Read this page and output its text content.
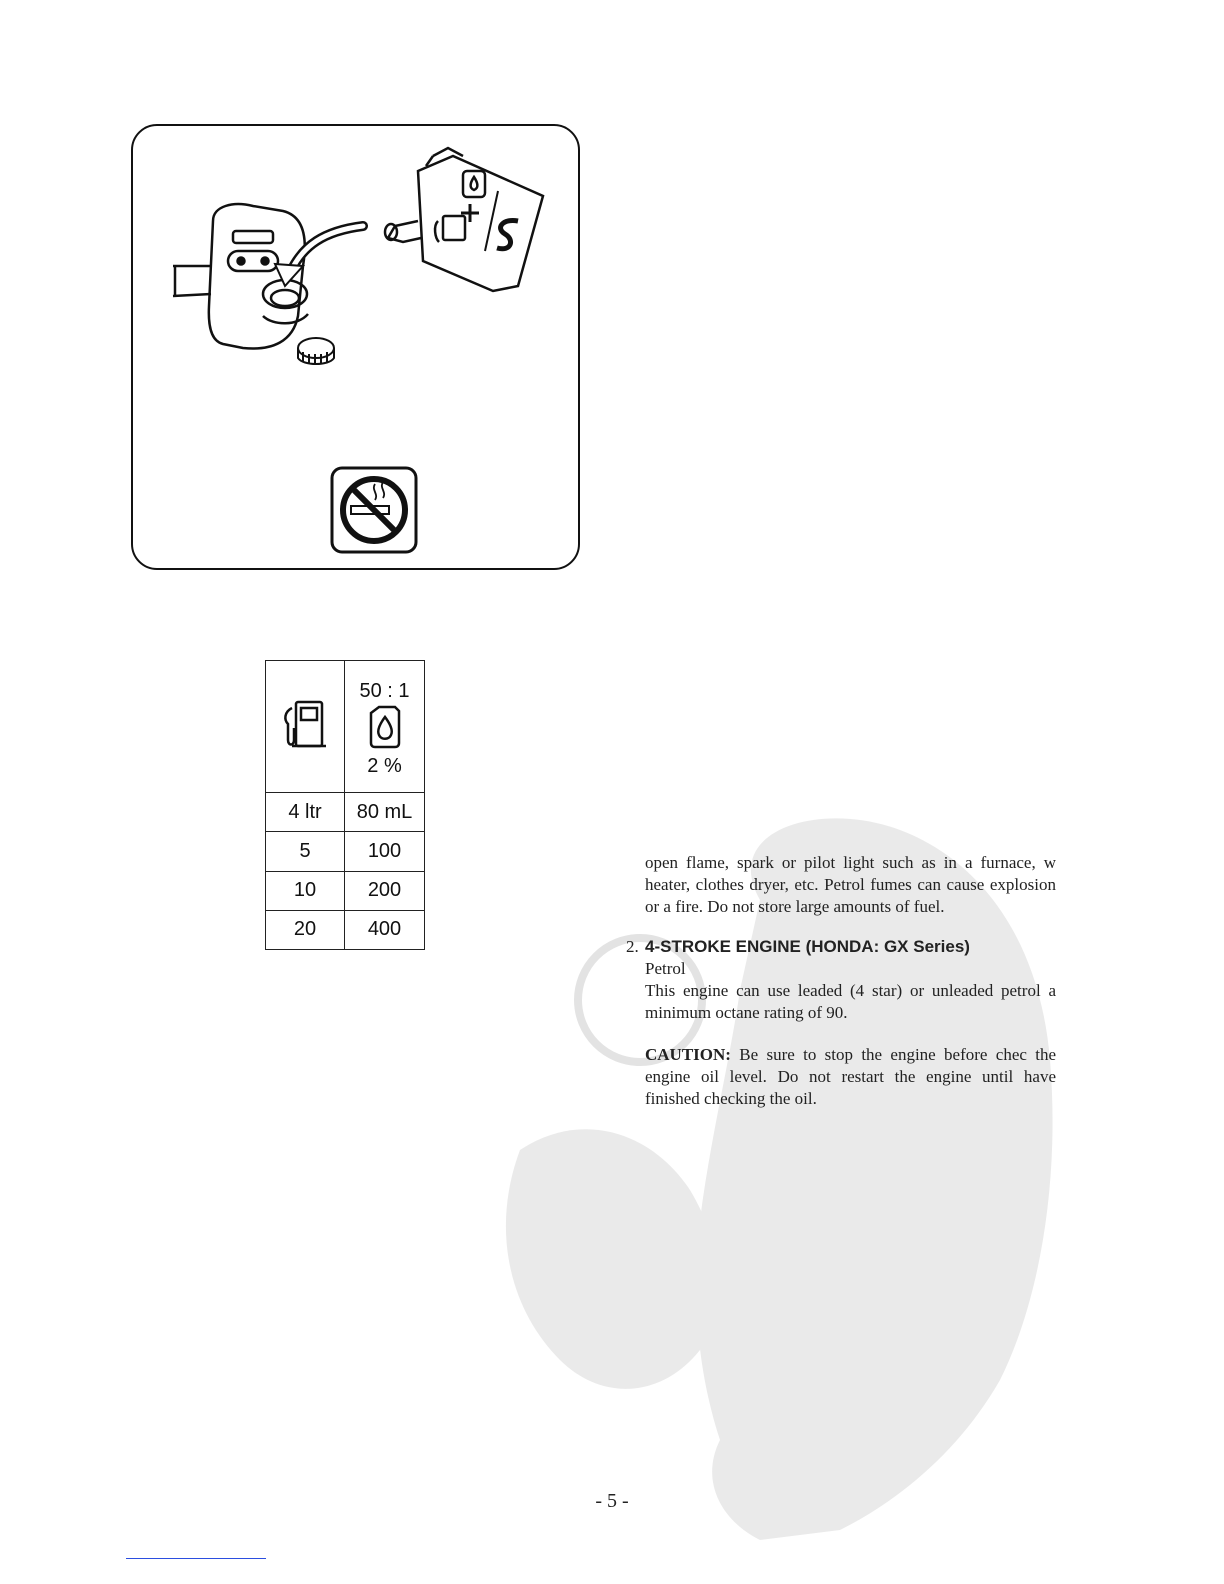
50 : 1
2 %

4 ltr	80 mL
5	100
10	200
20	400
open flame, spark or pilot light such as in a furnace, w heater, clothes dryer, etc. Petrol fumes can cause explosion or a fire. Do not store large amounts of fuel.
2. 4-STROKE ENGINE (HONDA: GX Series)
Petrol
This engine can use leaded (4 star) or unleaded petrol a minimum octane rating of 90.
CAUTION: Be sure to stop the engine before chec the engine oil level. Do not restart the engine until have finished checking the oil.
- 5 -
